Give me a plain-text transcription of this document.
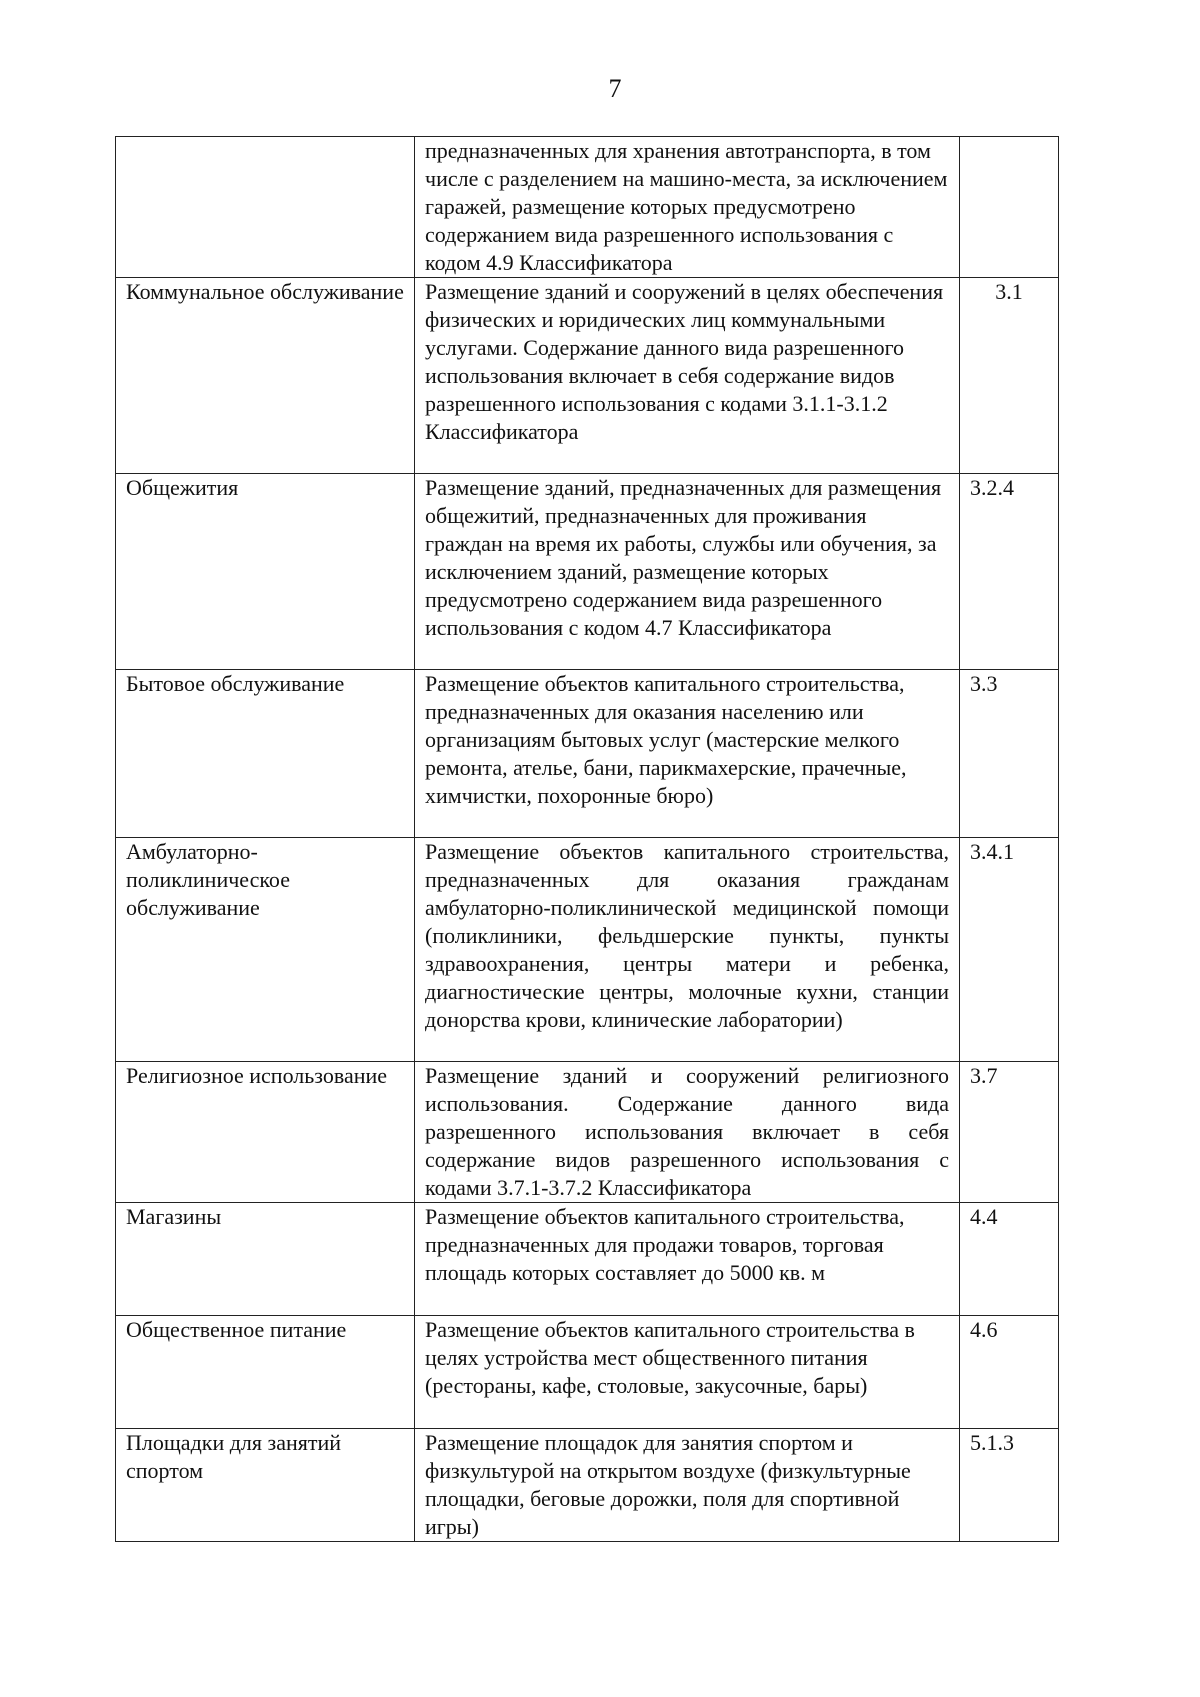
7
	предназначенных для хранения автотранспорта, в том числе с разделением на машино-места, за исключением гаражей, размещение которых предусмотрено содержанием вида разрешенного использования с кодом 4.9 Классификатора	
Коммунальное обслуживание	Размещение зданий и сооружений в целях обеспечения физических и юридических лиц коммунальными услугами. Содержание данного вида разрешенного использования включает в себя содержание видов разрешенного использования с кодами 3.1.1-3.1.2 Классификатора	3.1
Общежития	Размещение зданий, предназначенных для размещения общежитий, предназначенных для проживания граждан на время их работы, службы или обучения, за исключением зданий, размещение которых предусмотрено содержанием вида разрешенного использования с кодом 4.7 Классификатора	3.2.4
Бытовое обслуживание	Размещение объектов капитального строительства, предназначенных для оказания населению или организациям бытовых услуг (мастерские мелкого ремонта, ателье, бани, парикмахерские, прачечные, химчистки, похоронные бюро)	3.3
Амбулаторно-поликлиническое обслуживание	Размещение объектов капитального строительства, предназначенных для оказания гражданам амбулаторно-поликлинической медицинской помощи (поликлиники, фельдшерские пункты, пункты здравоохранения, центры матери и ребенка, диагностические центры, молочные кухни, станции донорства крови, клинические лаборатории)	3.4.1
Религиозное использование	Размещение зданий и сооружений религиозного использования. Содержание данного вида разрешенного использования включает в себя содержание видов разрешенного использования с кодами 3.7.1-3.7.2 Классификатора	3.7
Магазины	Размещение объектов капитального строительства, предназначенных для продажи товаров, торговая площадь которых составляет до 5000 кв. м	4.4
Общественное питание	Размещение объектов капитального строительства в целях устройства мест общественного питания (рестораны, кафе, столовые, закусочные, бары)	4.6
Площадки для занятий спортом	Размещение площадок для занятия спортом и физкультурой на открытом воздухе (физкультурные площадки, беговые дорожки, поля для спортивной игры)	5.1.3
